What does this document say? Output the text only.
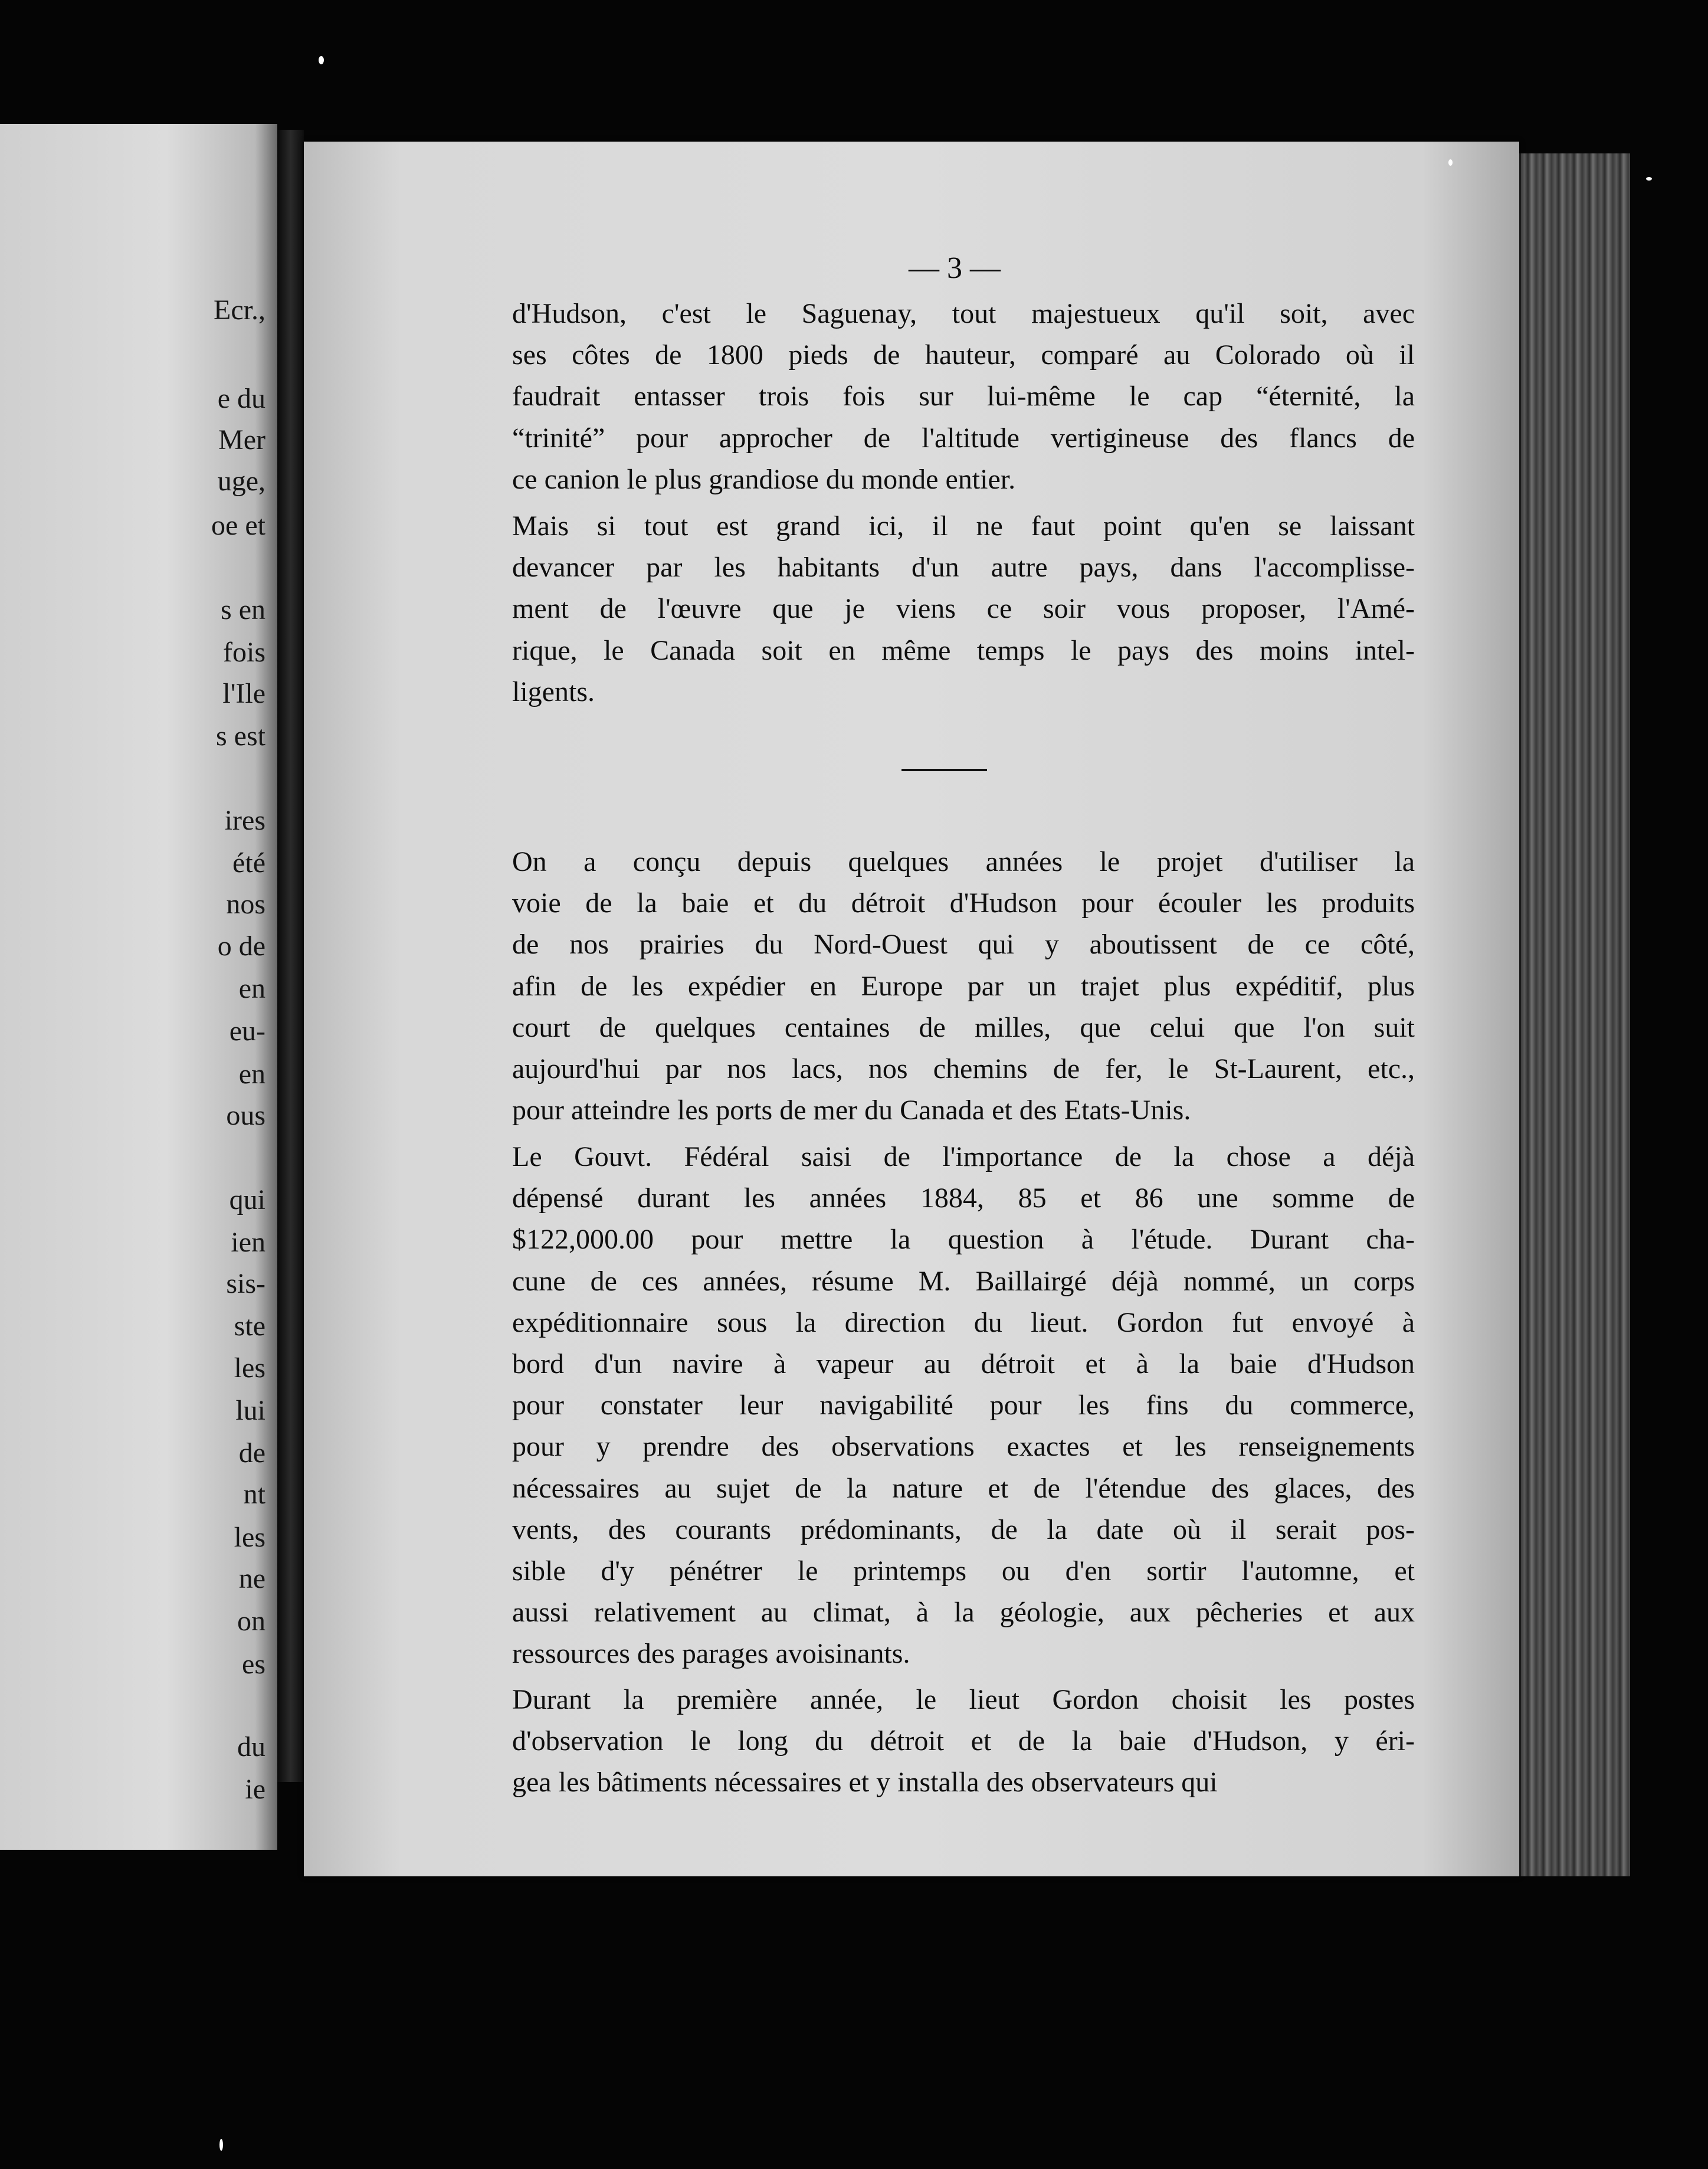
Ecr.,
e du
Mer
uge,
oe et
s en
fois
l'Ile
s est
ires
été
nos
o de
en
eu-
en
ous
qui
ien
sis-
ste
les
lui
de
nt
les
ne
on
es
du
ie
— 3 —
d'Hudson, c'est le Saguenay, tout majestueux qu'il soit, avec
ses côtes de 1800 pieds de hauteur, comparé au Colorado où il
faudrait entasser trois fois sur lui-même le cap “éternité, la
“trinité” pour approcher de l'altitude vertigineuse des flancs de
ce canion le plus grandiose du monde entier.
Mais si tout est grand ici, il ne faut point qu'en se laissant
devancer par les habitants d'un autre pays, dans l'accomplisse-
ment de l'œuvre que je viens ce soir vous proposer, l'Amé-
rique, le Canada soit en même temps le pays des moins intel-
ligents.
On a conçu depuis quelques années le projet d'utiliser la
voie de la baie et du détroit d'Hudson pour écouler les produits
de nos prairies du Nord-Ouest qui y aboutissent de ce côté,
afin de les expédier en Europe par un trajet plus expéditif, plus
court de quelques centaines de milles, que celui que l'on suit
aujourd'hui par nos lacs, nos chemins de fer, le St-Laurent, etc.,
pour atteindre les ports de mer du Canada et des Etats-Unis.
Le Gouvt. Fédéral saisi de l'importance de la chose a déjà
dépensé durant les années 1884, 85 et 86 une somme de
$122,000.00 pour mettre la question à l'étude. Durant cha-
cune de ces années, résume M. Baillairgé déjà nommé, un corps
expéditionnaire sous la direction du lieut. Gordon fut envoyé à
bord d'un navire à vapeur au détroit et à la baie d'Hudson
pour constater leur navigabilité pour les fins du commerce,
pour y prendre des observations exactes et les renseignements
nécessaires au sujet de la nature et de l'étendue des glaces, des
vents, des courants prédominants, de la date où il serait pos-
sible d'y pénétrer le printemps ou d'en sortir l'automne, et
aussi relativement au climat, à la géologie, aux pêcheries et aux
ressources des parages avoisinants.
Durant la première année, le lieut Gordon choisit les postes
d'observation le long du détroit et de la baie d'Hudson, y éri-
gea les bâtiments nécessaires et y installa des observateurs qui
